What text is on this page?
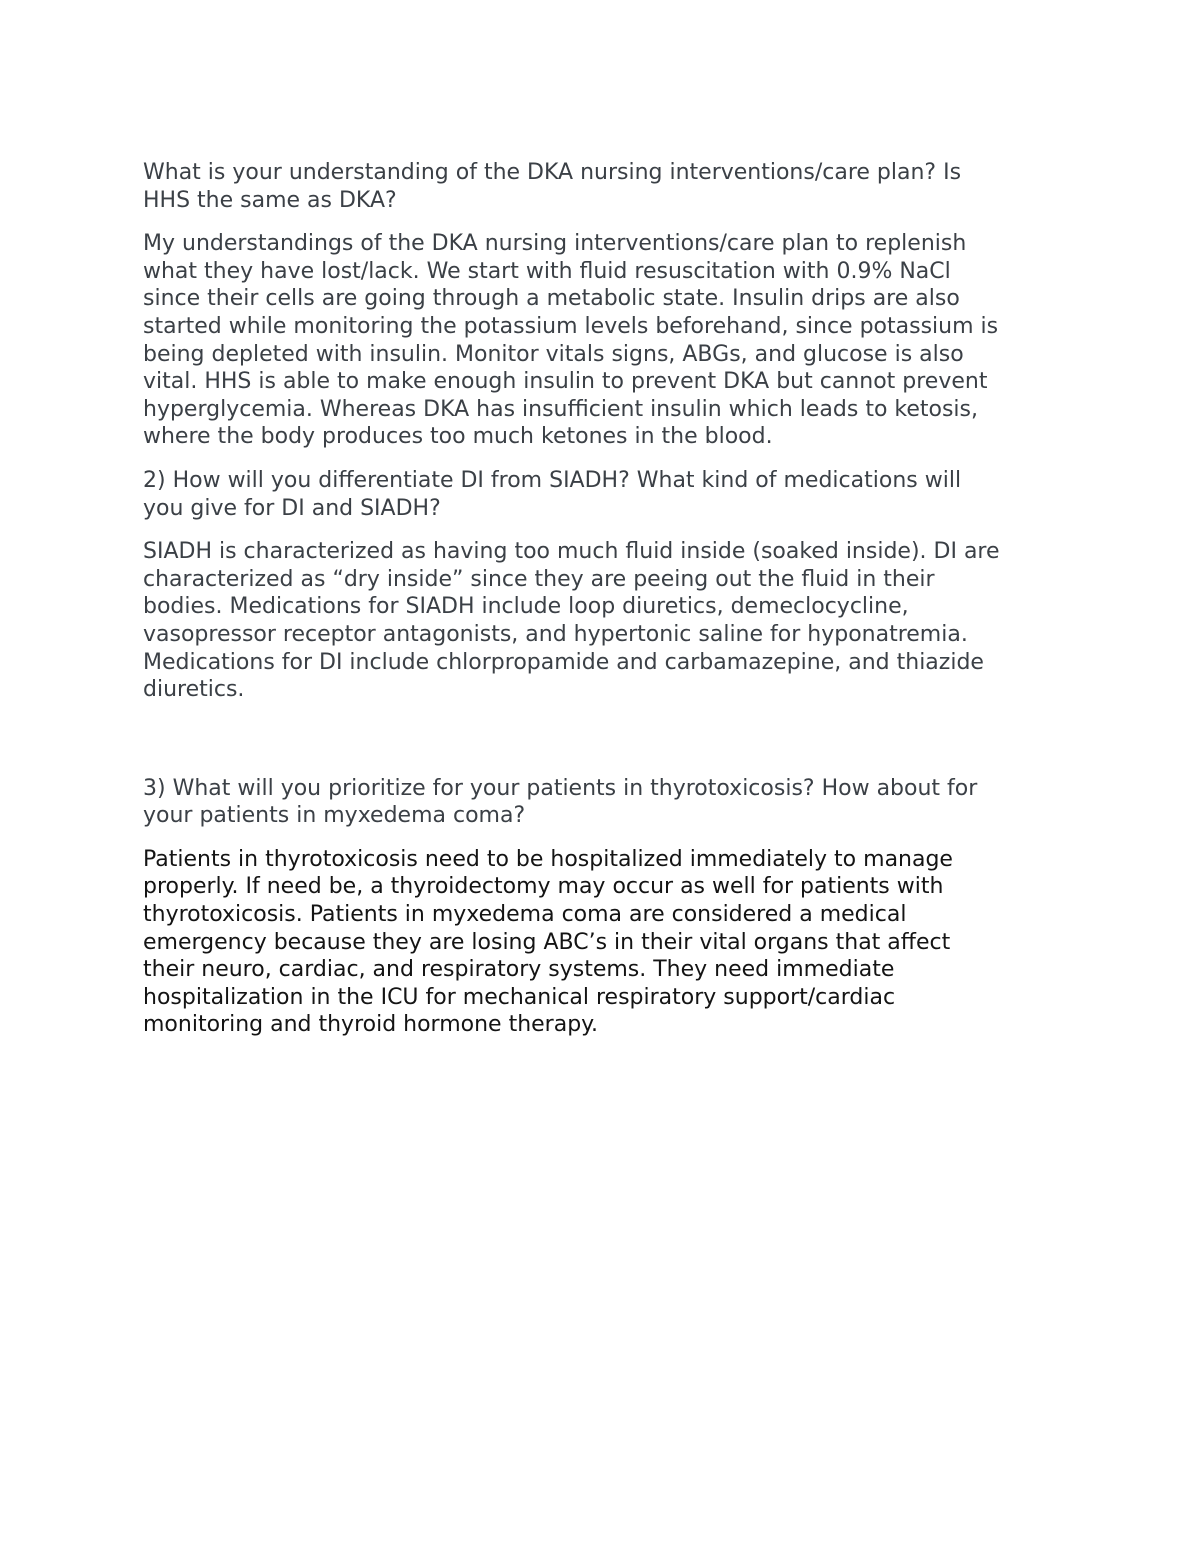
What is your understanding of the DKA nursing interventions/care plan? Is
HHS the same as DKA?

My understandings of the DKA nursing interventions/care plan to replenish
what they have lost/lack. We start with fluid resuscitation with 0.9% NaCl
since their cells are going through a metabolic state. Insulin drips are also
started while monitoring the potassium levels beforehand, since potassium is
being depleted with insulin. Monitor vitals signs, ABGs, and glucose is also
vital. HHS is able to make enough insulin to prevent DKA but cannot prevent
hyperglycemia. Whereas DKA has insufficient insulin which leads to ketosis,
where the body produces too much ketones in the blood.

2) How will you differentiate DI from SIADH? What kind of medications will
you give for DI and SIADH?

SIADH is characterized as having too much fluid inside (soaked inside). DI are
characterized as “dry inside” since they are peeing out the fluid in their
bodies. Medications for SIADH include loop diuretics, demeclocycline,
vasopressor receptor antagonists, and hypertonic saline for hyponatremia.
Medications for DI include chlorpropamide and carbamazepine, and thiazide
diuretics.

3) What will you prioritize for your patients in thyrotoxicosis? How about for
your patients in myxedema coma?

Patients in thyrotoxicosis need to be hospitalized immediately to manage
properly. If need be, a thyroidectomy may occur as well for patients with
thyrotoxicosis. Patients in myxedema coma are considered a medical
emergency because they are losing ABC’s in their vital organs that affect
their neuro, cardiac, and respiratory systems. They need immediate
hospitalization in the ICU for mechanical respiratory support/cardiac
monitoring and thyroid hormone therapy.
